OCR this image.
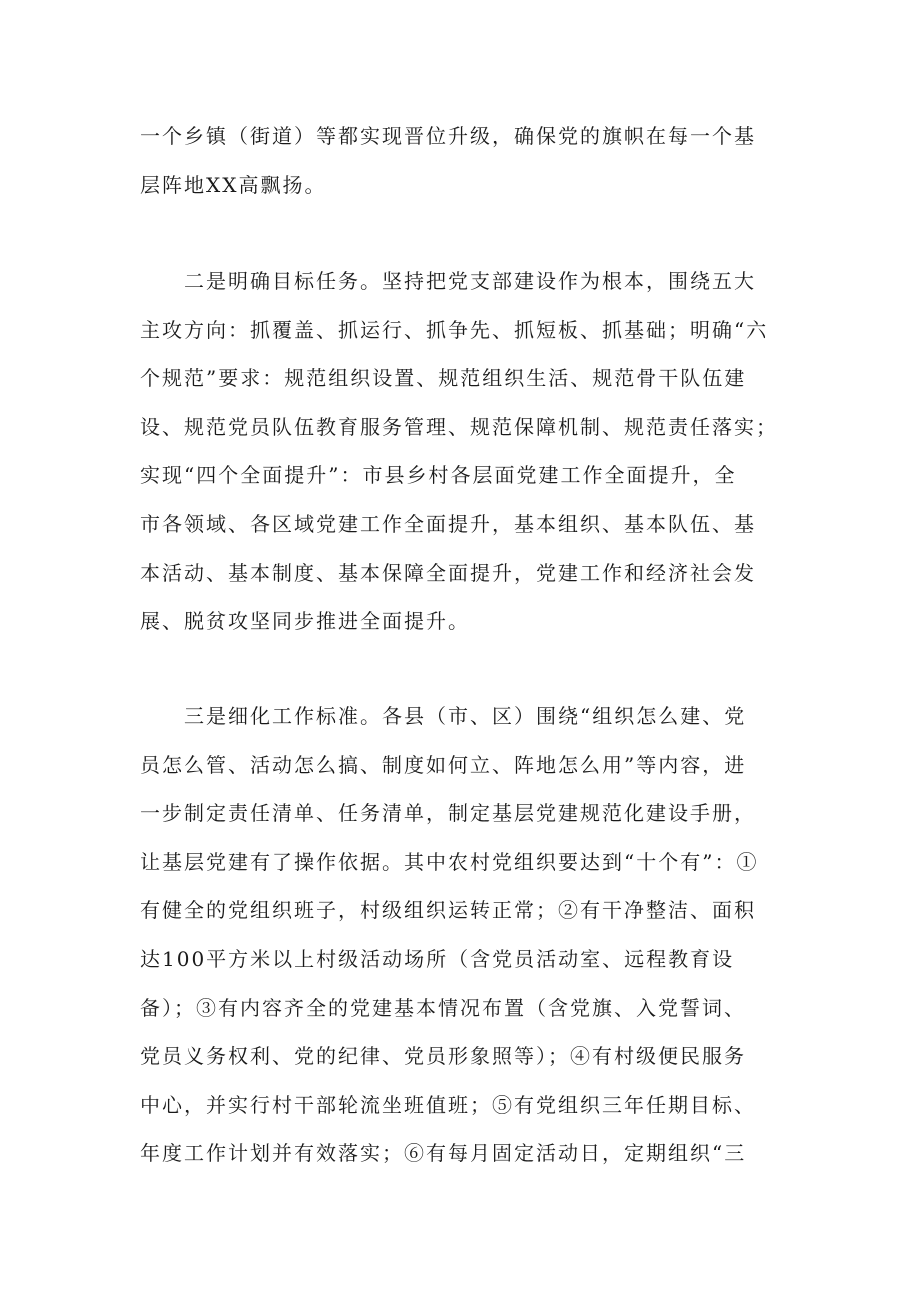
一个乡镇（街道）等都实现晋位升级，确保党的旗帜在每一个基
层阵地XX高飘扬。
　　二是明确目标任务。坚持把党支部建设作为根本，围绕五大
主攻方向：抓覆盖、抓运行、抓争先、抓短板、抓基础；明确“六
个规范”要求：规范组织设置、规范组织生活、规范骨干队伍建
设、规范党员队伍教育服务管理、规范保障机制、规范责任落实；
实现“四个全面提升”：市县乡村各层面党建工作全面提升，全
市各领域、各区域党建工作全面提升，基本组织、基本队伍、基
本活动、基本制度、基本保障全面提升，党建工作和经济社会发
展、脱贫攻坚同步推进全面提升。
　　三是细化工作标准。各县（市、区）围绕“组织怎么建、党
员怎么管、活动怎么搞、制度如何立、阵地怎么用”等内容，进
一步制定责任清单、任务清单，制定基层党建规范化建设手册，
让基层党建有了操作依据。其中农村党组织要达到“十个有”：①
有健全的党组织班子，村级组织运转正常；②有干净整洁、面积
达100平方米以上村级活动场所（含党员活动室、远程教育设
备）；③有内容齐全的党建基本情况布置（含党旗、入党誓词、
党员义务权利、党的纪律、党员形象照等）；④有村级便民服务
中心，并实行村干部轮流坐班值班；⑤有党组织三年任期目标、
年度工作计划并有效落实；⑥有每月固定活动日，定期组织“三
